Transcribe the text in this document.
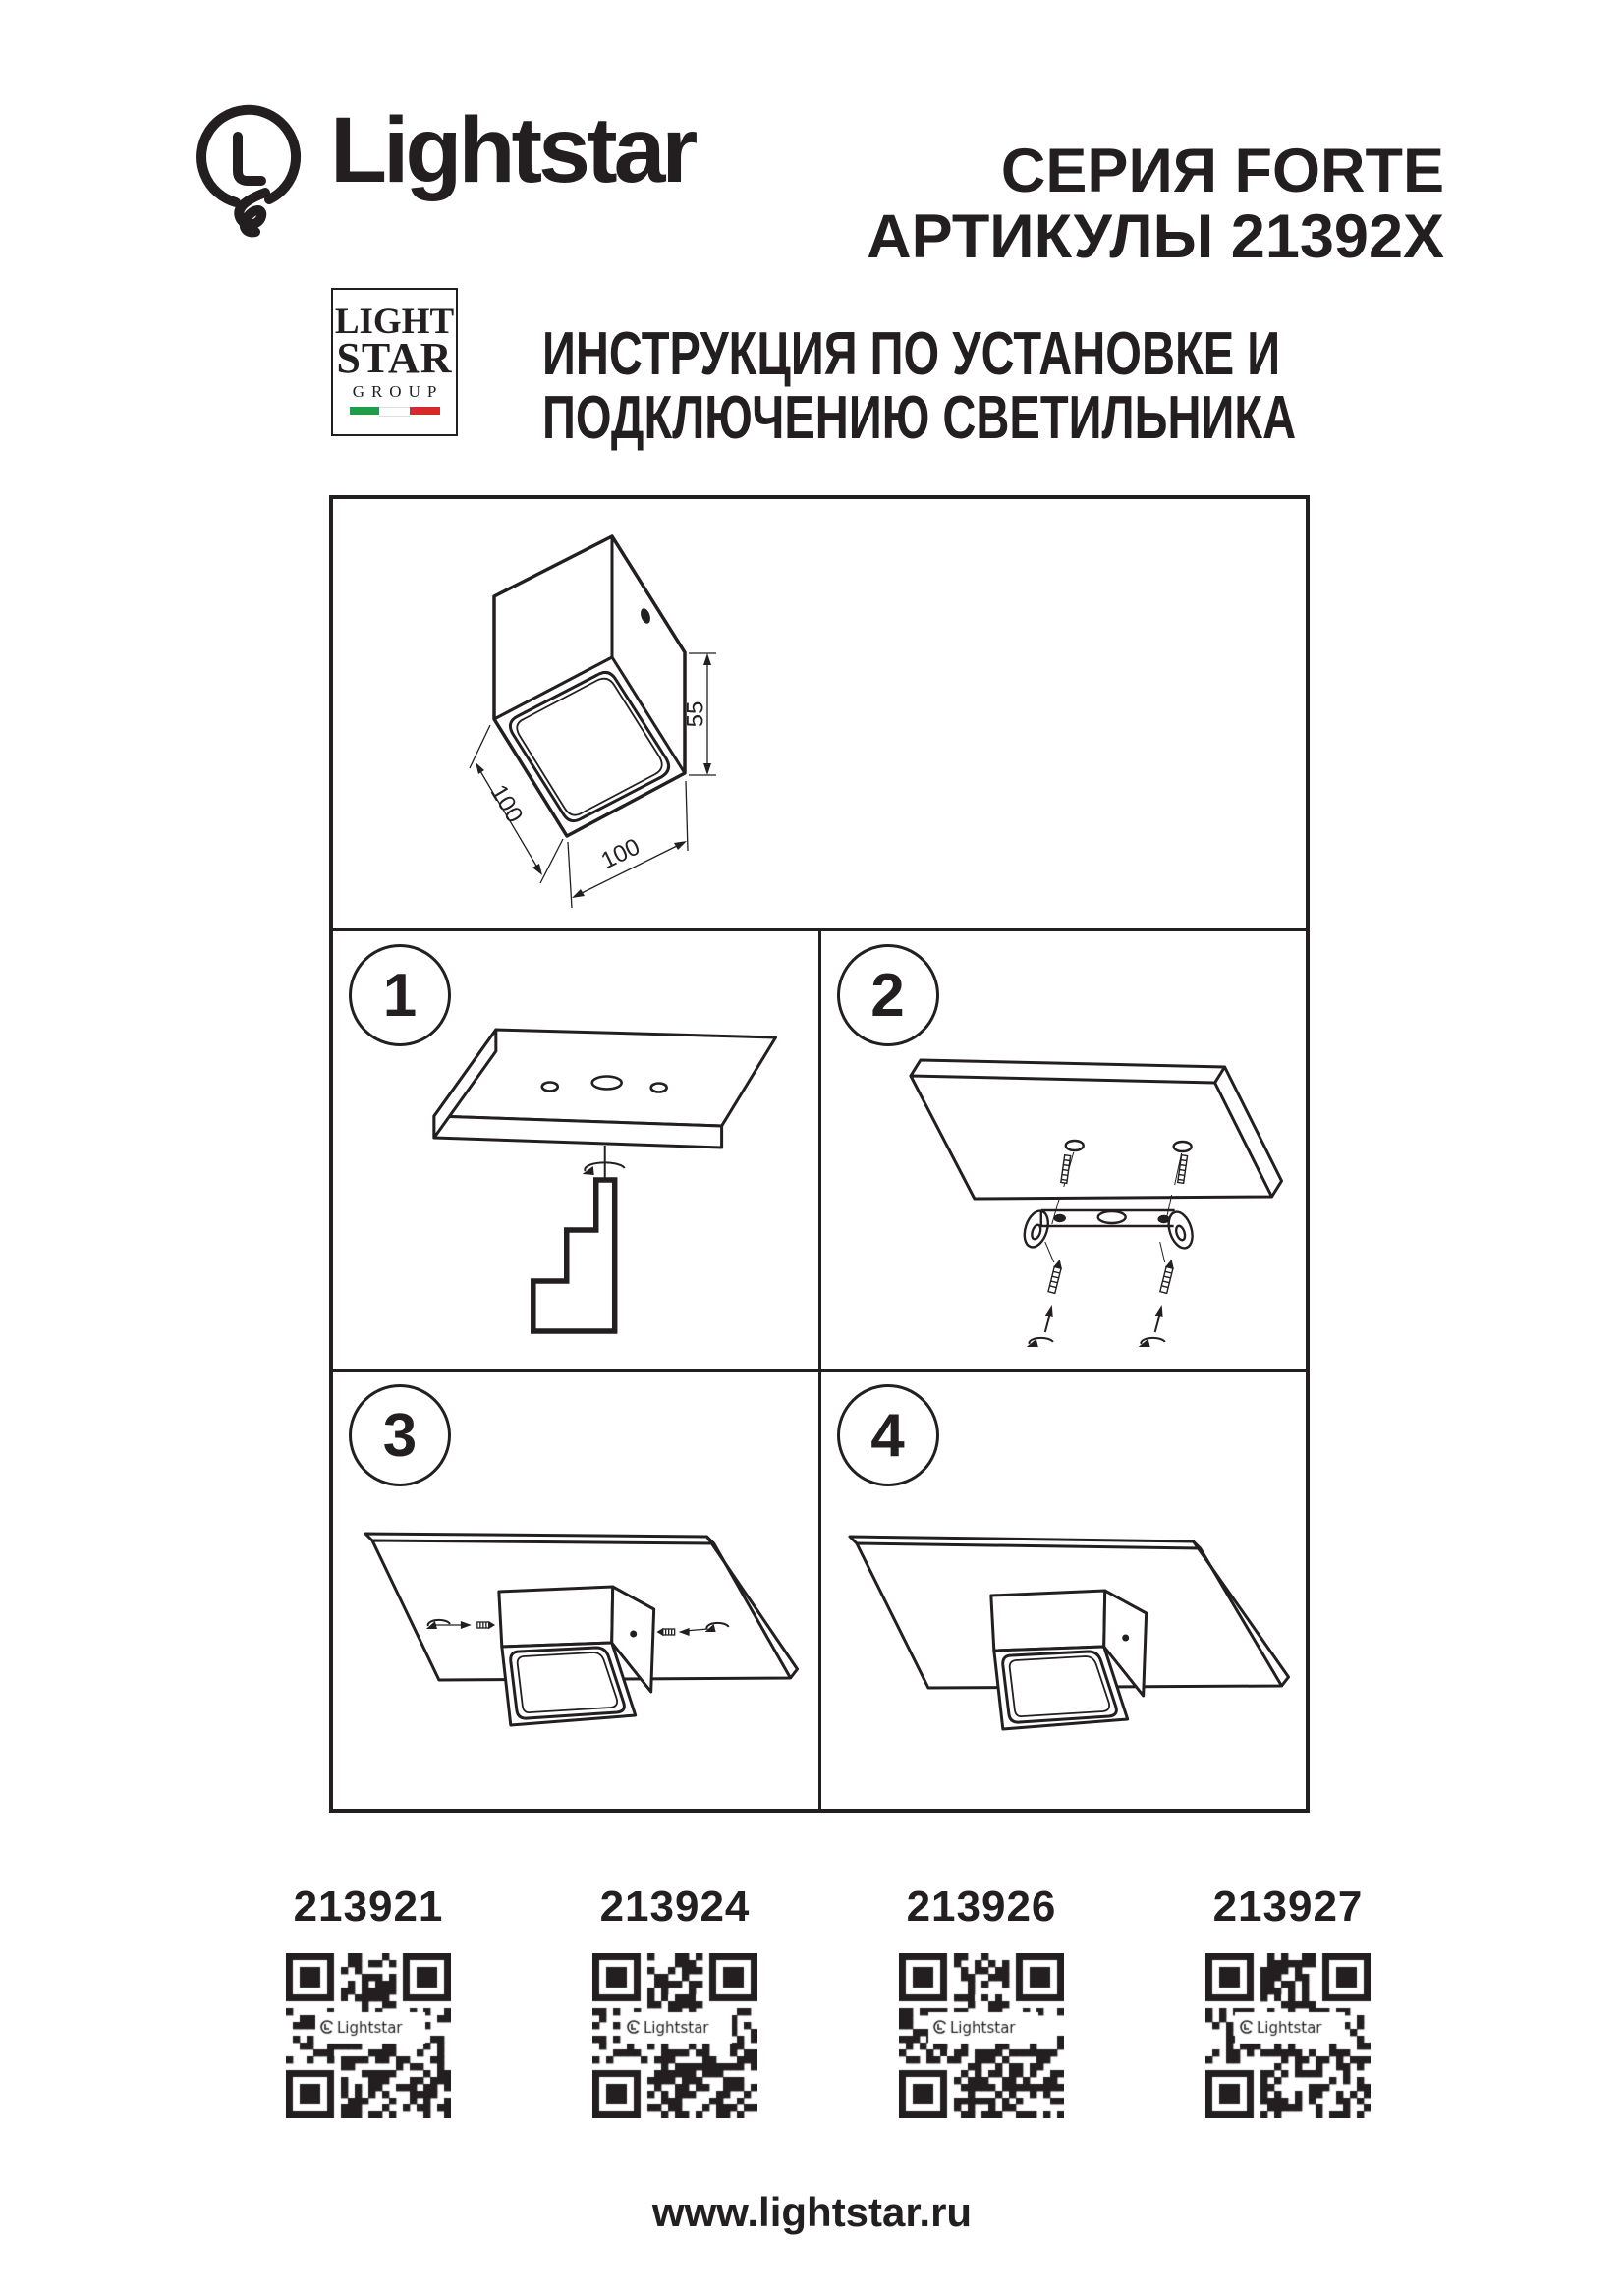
Lightstar	СЕРИЯ FORTE
АРТИКУЛЫ 21392X
LIGHT
STAR
GROUP
ИНСТРУКЦИЯ ПО УСТАНОВКЕ И
ПОДКЛЮЧЕНИЮ СВЕТИЛЬНИКА
55
100
100
1	2
3	4
213921	213924	213926	213927
www.lightstar.ru
